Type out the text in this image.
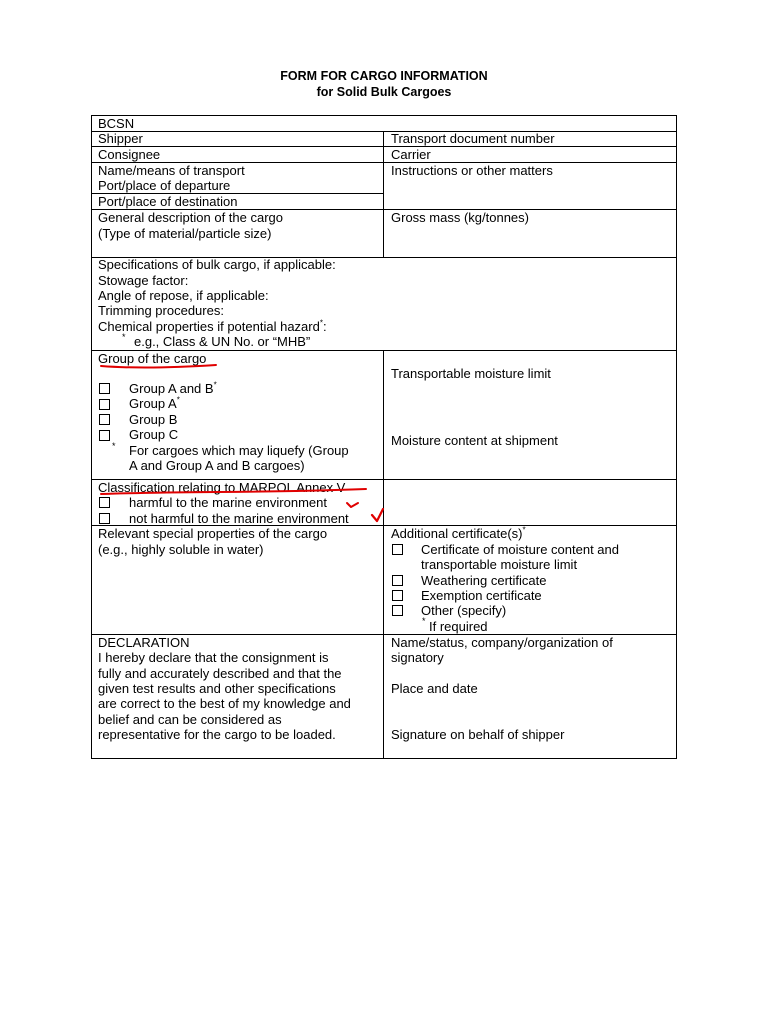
FORM FOR CARGO INFORMATION
for Solid Bulk Cargoes
BCSN
Shipper	Transport document number
Consignee	Carrier
Name/means of transport
Port/place of departure
Port/place of destination
Instructions or other matters
General description of the cargo
(Type of material/particle size)
Gross mass (kg/tonnes)
Specifications of bulk cargo, if applicable:
Stowage factor:
Angle of repose, if applicable:
Trimming procedures:
Chemical properties if potential hazard*:
* e.g., Class & UN No. or “MHB”
Group of the cargo
Group A and B*
Group A*
Group B
Group C
* For cargoes which may liquefy (Group
A and Group A and B cargoes)
Transportable moisture limit
Moisture content at shipment
Classification relating to MARPOL Annex V
harmful to the marine environment
not harmful to the marine environment
Relevant special properties of the cargo
(e.g., highly soluble in water)
Additional certificate(s)*
Certificate of moisture content and
transportable moisture limit
Weathering certificate
Exemption certificate
Other (specify)
* If required
DECLARATION
I hereby declare that the consignment is
fully and accurately described and that the
given test results and other specifications
are correct to the best of my knowledge and
belief and can be considered as
representative for the cargo to be loaded.
Name/status, company/organization of
signatory
Place and date
Signature on behalf of shipper
